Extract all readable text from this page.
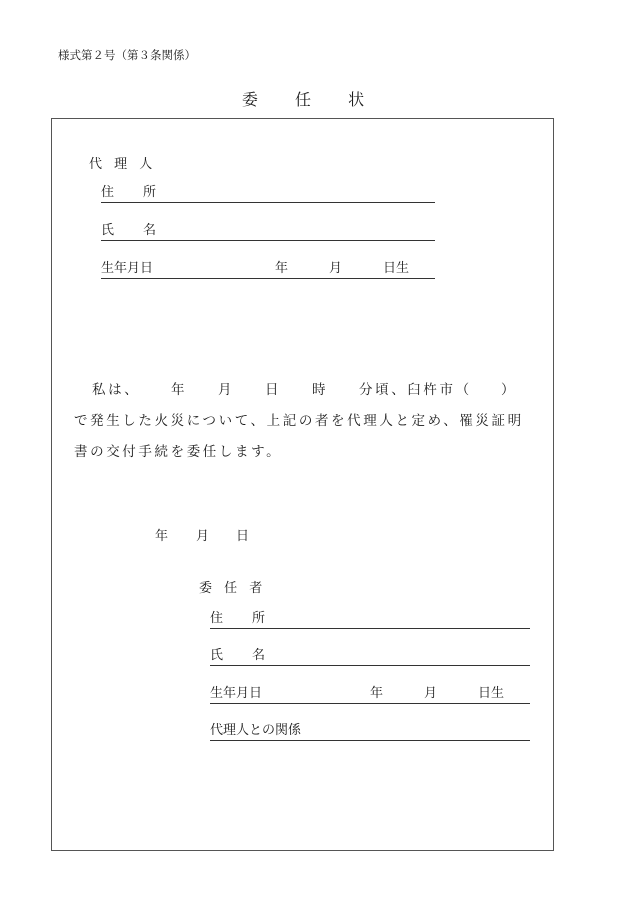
様式第２号（第３条関係）
委 任 状
代 理 人
住 所
氏 名
生年月日	年	月	日生
私は、 年 月 日 時 分頃、臼杵市（ ）
で発生した火災について、上記の者を代理人と定め、罹災証明
書の交付手続を委任します。
年 月 日
委 任 者
住 所
氏 名
生年月日	年	月	日生
代理人との関係
